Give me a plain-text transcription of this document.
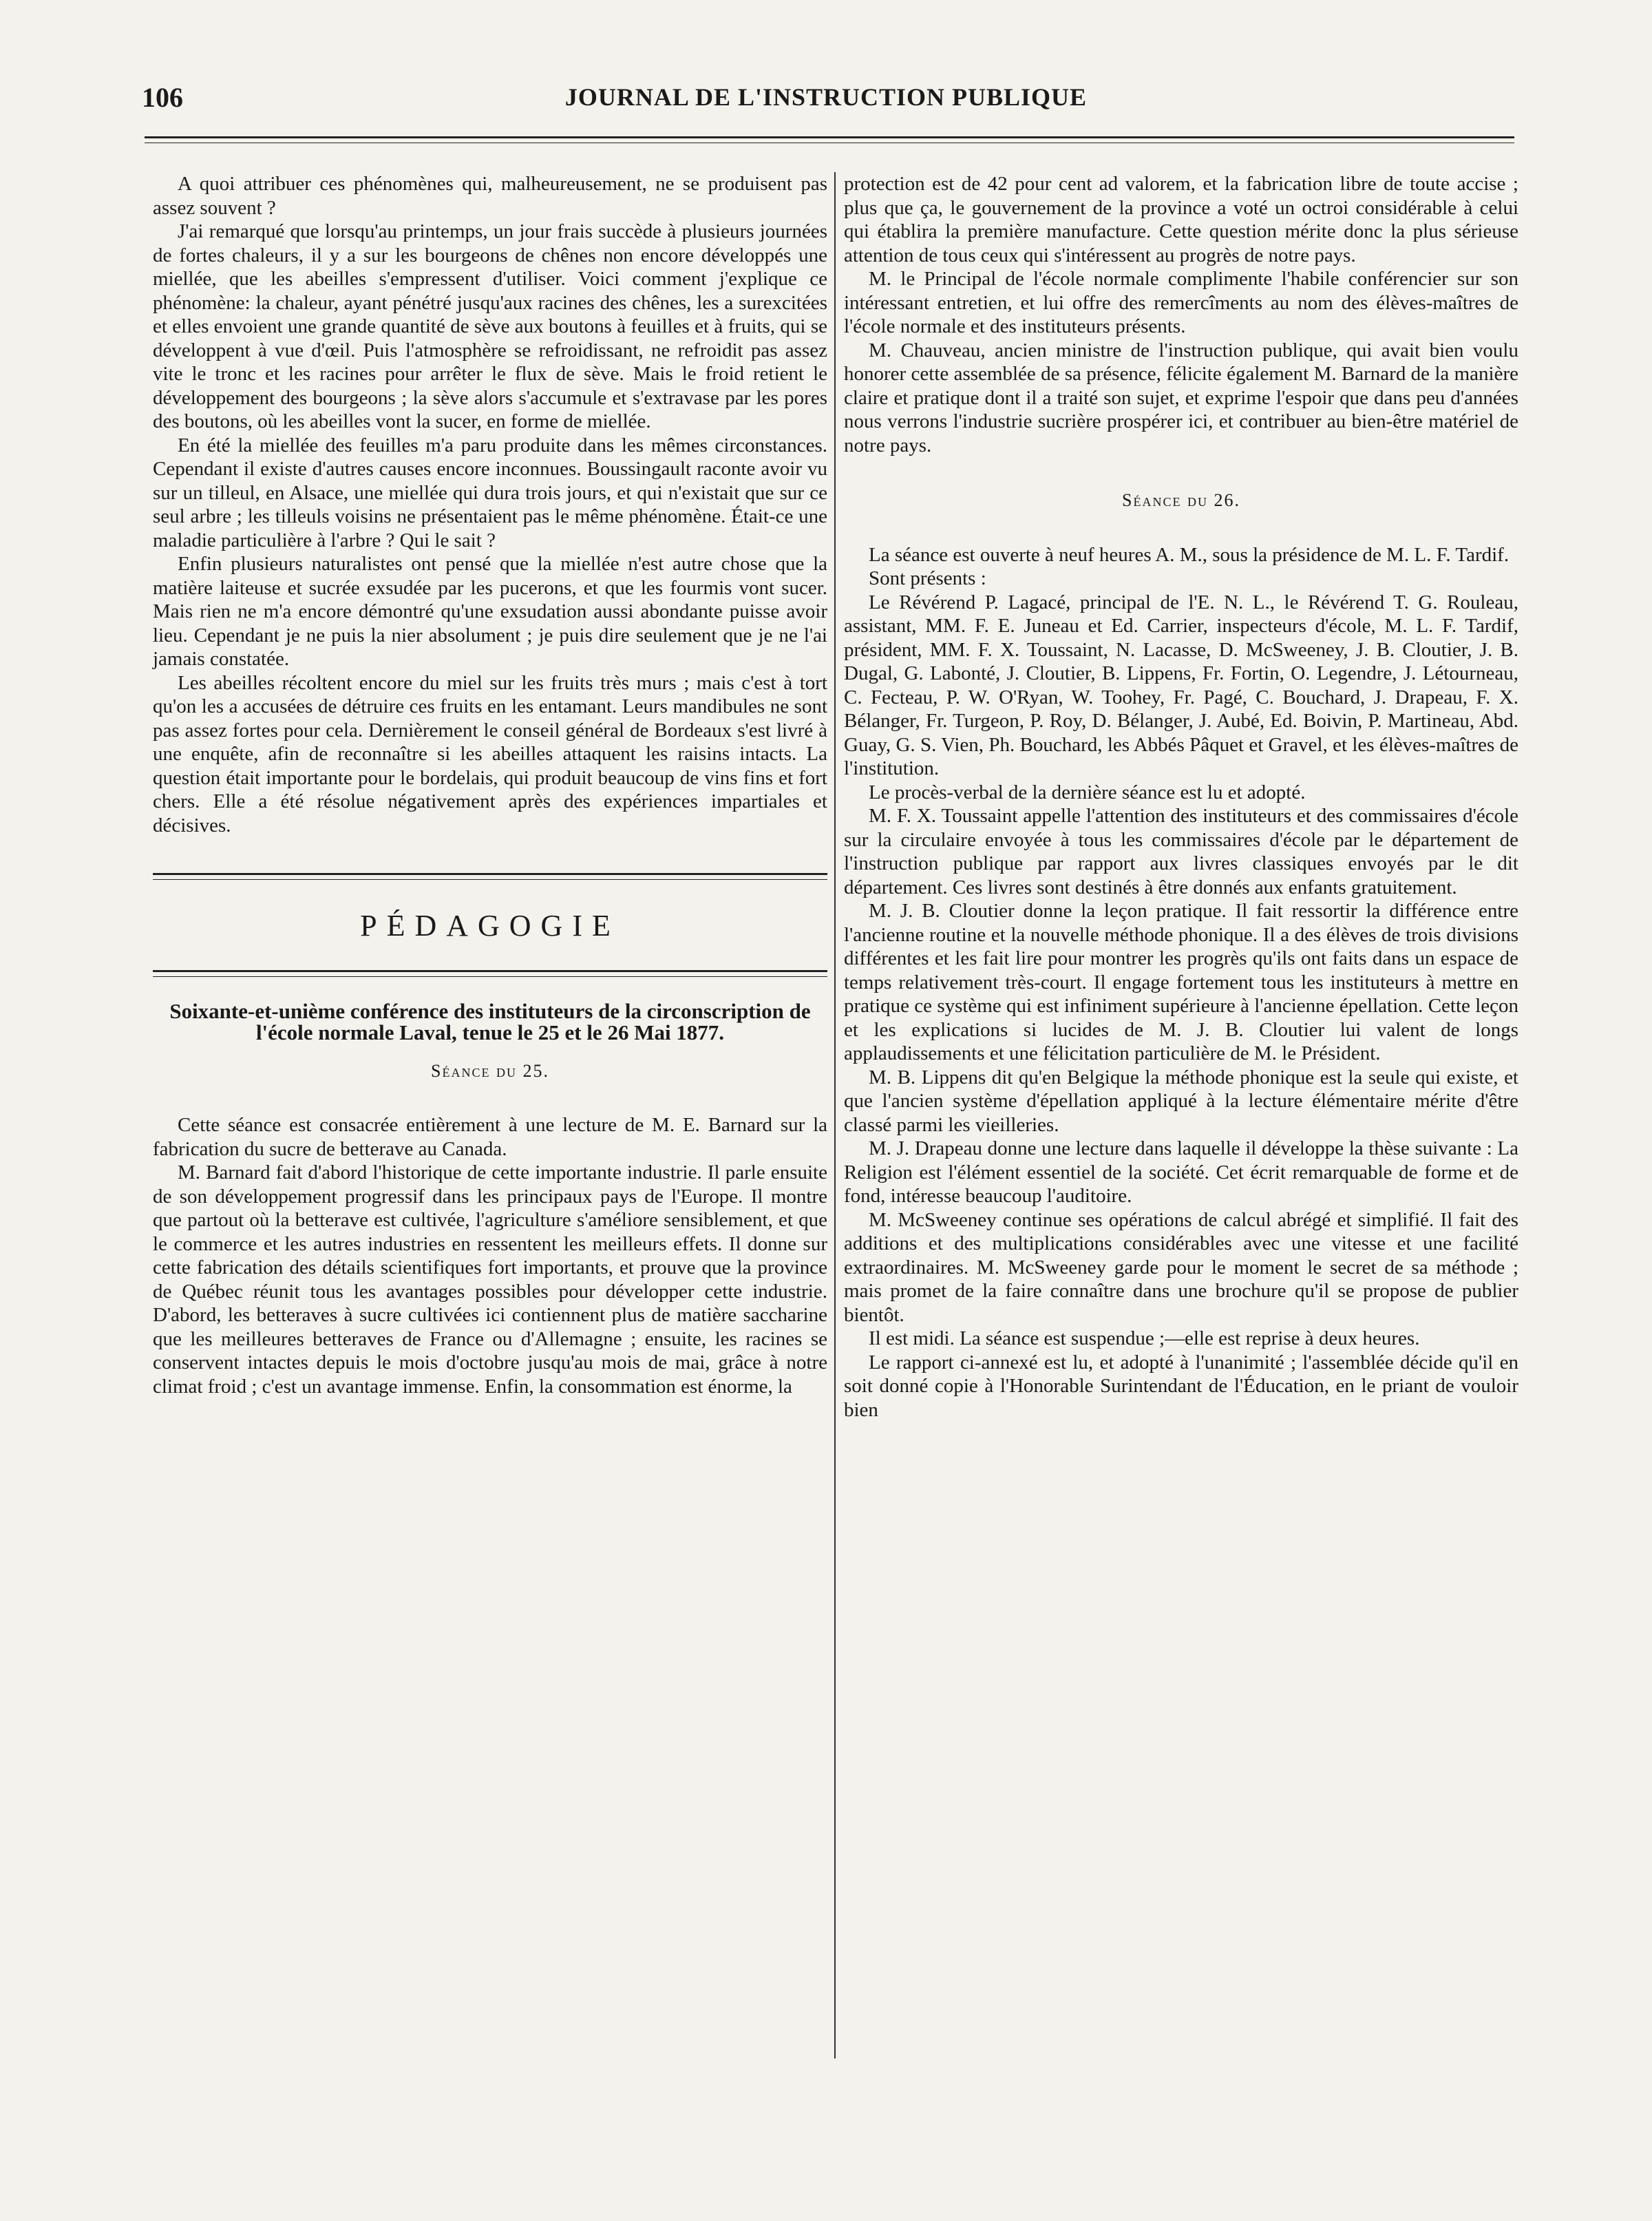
106	JOURNAL DE L'INSTRUCTION PUBLIQUE

A quoi attribuer ces phénomènes qui, malheureusement, ne se produisent pas assez souvent ?

J'ai remarqué que lorsqu'au printemps, un jour frais succède à plusieurs journées de fortes chaleurs, il y a sur les bourgeons de chênes non encore développés une miellée, que les abeilles s'empressent d'utiliser. Voici comment j'explique ce phénomène: la chaleur, ayant pénétré jusqu'aux racines des chênes, les a surexcitées et elles envoient une grande quantité de sève aux boutons à feuilles et à fruits, qui se développent à vue d'œil. Puis l'atmosphère se refroidissant, ne refroidit pas assez vite le tronc et les racines pour arrêter le flux de sève. Mais le froid retient le développement des bourgeons ; la sève alors s'accumule et s'extravase par les pores des boutons, où les abeilles vont la sucer, en forme de miellée.

En été la miellée des feuilles m'a paru produite dans les mêmes circonstances. Cependant il existe d'autres causes encore inconnues. Boussingault raconte avoir vu sur un tilleul, en Alsace, une miellée qui dura trois jours, et qui n'existait que sur ce seul arbre ; les tilleuls voisins ne présentaient pas le même phénomène. Était-ce une maladie particulière à l'arbre ? Qui le sait ?

Enfin plusieurs naturalistes ont pensé que la miellée n'est autre chose que la matière laiteuse et sucrée exsudée par les pucerons, et que les fourmis vont sucer. Mais rien ne m'a encore démontré qu'une exsudation aussi abondante puisse avoir lieu. Cependant je ne puis la nier absolument ; je puis dire seulement que je ne l'ai jamais constatée.

Les abeilles récoltent encore du miel sur les fruits très murs ; mais c'est à tort qu'on les a accusées de détruire ces fruits en les entamant. Leurs mandibules ne sont pas assez fortes pour cela. Dernièrement le conseil général de Bordeaux s'est livré à une enquête, afin de reconnaître si les abeilles attaquent les raisins intacts. La question était importante pour le bordelais, qui produit beaucoup de vins fins et fort chers. Elle a été résolue négativement après des expériences impartiales et décisives.

PÉDAGOGIE
Soixante-et-unième conférence des instituteurs de la circonscription de l'école normale Laval, tenue le 25 et le 26 Mai 1877.
Séance du 25.

Cette séance est consacrée entièrement à une lecture de M. E. Barnard sur la fabrication du sucre de betterave au Canada.

M. Barnard fait d'abord l'historique de cette importante industrie. Il parle ensuite de son développement progressif dans les principaux pays de l'Europe. Il montre que partout où la betterave est cultivée, l'agriculture s'améliore sensiblement, et que le commerce et les autres industries en ressentent les meilleurs effets. Il donne sur cette fabrication des détails scientifiques fort importants, et prouve que la province de Québec réunit tous les avantages possibles pour développer cette industrie. D'abord, les betteraves à sucre cultivées ici contiennent plus de matière saccharine que les meilleures betteraves de France ou d'Allemagne ; ensuite, les racines se conservent intactes depuis le mois d'octobre jusqu'au mois de mai, grâce à notre climat froid ; c'est un avantage immense. Enfin, la consommation est énorme, la

protection est de 42 pour cent ad valorem, et la fabrication libre de toute accise ; plus que ça, le gouvernement de la province a voté un octroi considérable à celui qui établira la première manufacture. Cette question mérite donc la plus sérieuse attention de tous ceux qui s'intéressent au progrès de notre pays.

M. le Principal de l'école normale complimente l'habile conférencier sur son intéressant entretien, et lui offre des remercîments au nom des élèves-maîtres de l'école normale et des instituteurs présents.

M. Chauveau, ancien ministre de l'instruction publique, qui avait bien voulu honorer cette assemblée de sa présence, félicite également M. Barnard de la manière claire et pratique dont il a traité son sujet, et exprime l'espoir que dans peu d'années nous verrons l'industrie sucrière prospérer ici, et contribuer au bien-être matériel de notre pays.

Séance du 26.

La séance est ouverte à neuf heures A. M., sous la présidence de M. L. F. Tardif.

Sont présents :

Le Révérend P. Lagacé, principal de l'E. N. L., le Révérend T. G. Rouleau, assistant, MM. F. E. Juneau et Ed. Carrier, inspecteurs d'école, M. L. F. Tardif, président, MM. F. X. Toussaint, N. Lacasse, D. McSweeney, J. B. Cloutier, J. B. Dugal, G. Labonté, J. Cloutier, B. Lippens, Fr. Fortin, O. Legendre, J. Létourneau, C. Fecteau, P. W. O'Ryan, W. Toohey, Fr. Pagé, C. Bouchard, J. Drapeau, F. X. Bélanger, Fr. Turgeon, P. Roy, D. Bélanger, J. Aubé, Ed. Boivin, P. Martineau, Abd. Guay, G. S. Vien, Ph. Bouchard, les Abbés Pâquet et Gravel, et les élèves-maîtres de l'institution.

Le procès-verbal de la dernière séance est lu et adopté.

M. F. X. Toussaint appelle l'attention des instituteurs et des commissaires d'école sur la circulaire envoyée à tous les commissaires d'école par le département de l'instruction publique par rapport aux livres classiques envoyés par le dit département. Ces livres sont destinés à être donnés aux enfants gratuitement.

M. J. B. Cloutier donne la leçon pratique. Il fait ressortir la différence entre l'ancienne routine et la nouvelle méthode phonique. Il a des élèves de trois divisions différentes et les fait lire pour montrer les progrès qu'ils ont faits dans un espace de temps relativement très-court. Il engage fortement tous les instituteurs à mettre en pratique ce système qui est infiniment supérieure à l'ancienne épellation. Cette leçon et les explications si lucides de M. J. B. Cloutier lui valent de longs applaudissements et une félicitation particulière de M. le Président.

M. B. Lippens dit qu'en Belgique la méthode phonique est la seule qui existe, et que l'ancien système d'épellation appliqué à la lecture élémentaire mérite d'être classé parmi les vieilleries.

M. J. Drapeau donne une lecture dans laquelle il développe la thèse suivante : La Religion est l'élément essentiel de la société. Cet écrit remarquable de forme et de fond, intéresse beaucoup l'auditoire.

M. McSweeney continue ses opérations de calcul abrégé et simplifié. Il fait des additions et des multiplications considérables avec une vitesse et une facilité extraordinaires. M. McSweeney garde pour le moment le secret de sa méthode ; mais promet de la faire connaître dans une brochure qu'il se propose de publier bientôt.

Il est midi. La séance est suspendue ;—elle est reprise à deux heures.

Le rapport ci-annexé est lu, et adopté à l'unanimité ; l'assemblée décide qu'il en soit donné copie à l'Honorable Surintendant de l'Éducation, en le priant de vouloir bien
